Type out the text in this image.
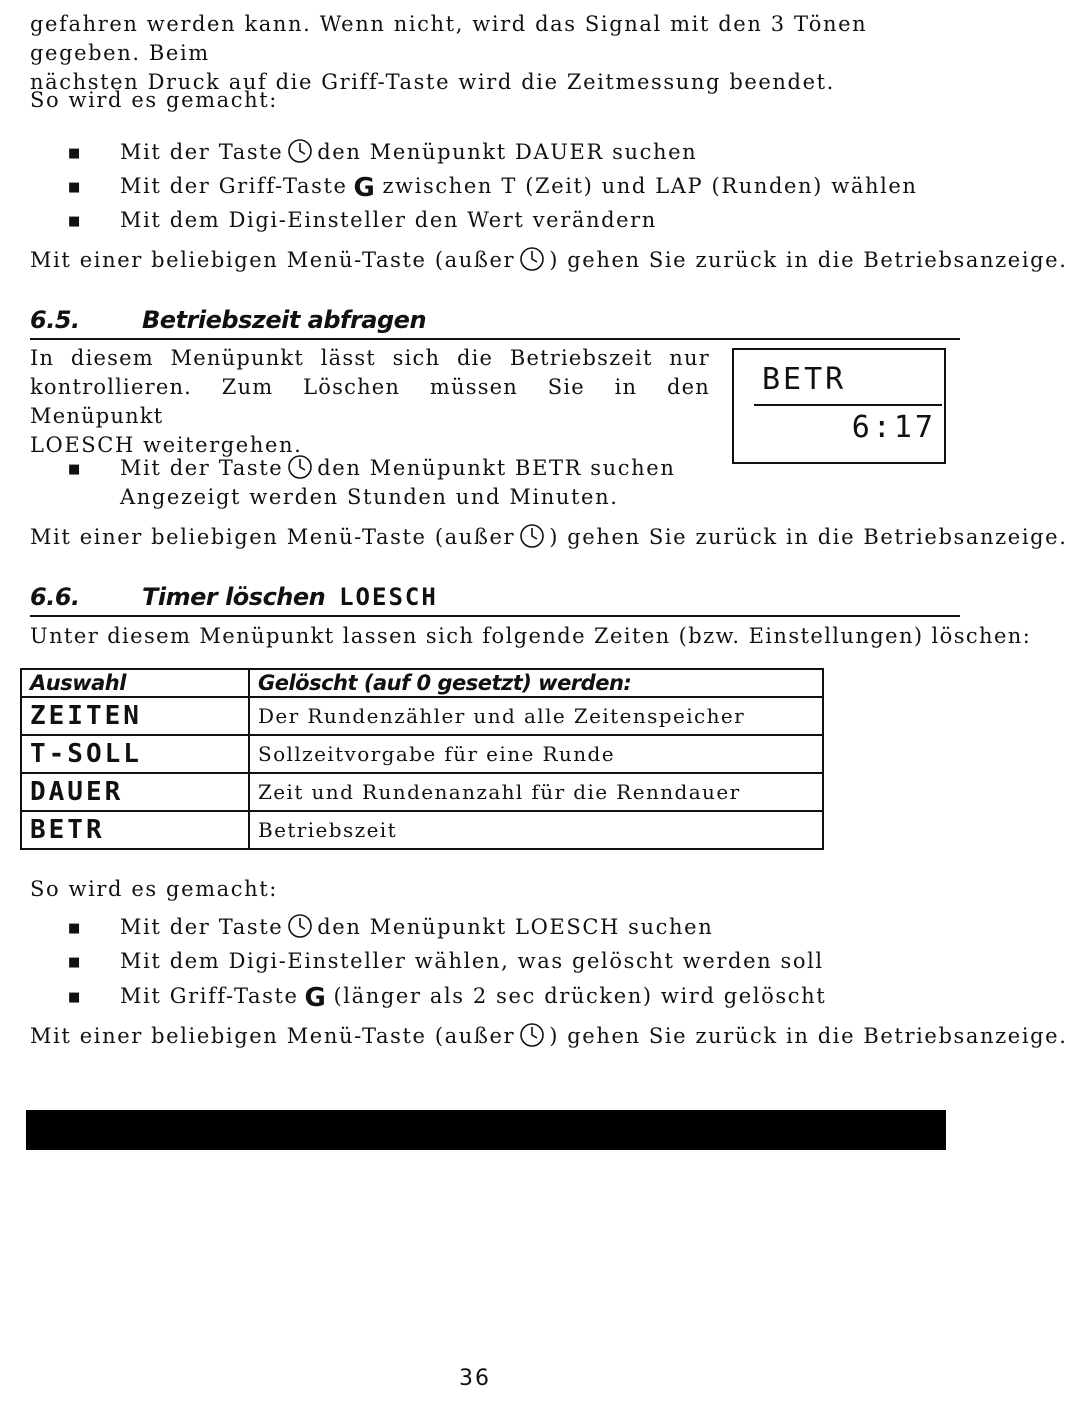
gefahren werden kann. Wenn nicht, wird das Signal mit den 3 Tönen gegeben. Beim

nächsten Druck auf die Griff-Taste wird die Zeitmessung beendet.

So wird es gemacht:

■ Mit der Taste den Menüpunkt DAUER suchen
■ Mit der Griff-Taste G zwischen T (Zeit) und LAP (Runden) wählen
■ Mit dem Digi-Einsteller den Wert verändern
Mit einer beliebigen Menü-Taste (außer ) gehen Sie zurück in die Betriebsanzeige.
6.5.	Betriebszeit abfragen

In diesem Menüpunkt lässt sich die Betriebszeit nur

kontrollieren. Zum Löschen müssen Sie in den Menüpunkt

LOESCH weitergehen.

BETR
6:17
■ Mit der Taste den Menüpunkt BETR suchen
Angezeigt werden Stunden und Minuten.
Mit einer beliebigen Menü-Taste (außer ) gehen Sie zurück in die Betriebsanzeige.
6.6.	Timer löschen LOESCH

Unter diesem Menüpunkt lassen sich folgende Zeiten (bzw. Einstellungen) löschen:

Auswahl	Gelöscht (auf 0 gesetzt) werden:
ZEITEN	Der Rundenzähler und alle Zeitenspeicher
T-SOLL	Sollzeitvorgabe für eine Runde
DAUER	Zeit und Rundenanzahl für die Renndauer
BETR	Betriebszeit

So wird es gemacht:

■ Mit der Taste den Menüpunkt LOESCH suchen
■ Mit dem Digi-Einsteller wählen, was gelöscht werden soll
■ Mit Griff-Taste G (länger als 2 sec drücken) wird gelöscht
Mit einer beliebigen Menü-Taste (außer ) gehen Sie zurück in die Betriebsanzeige.
36
